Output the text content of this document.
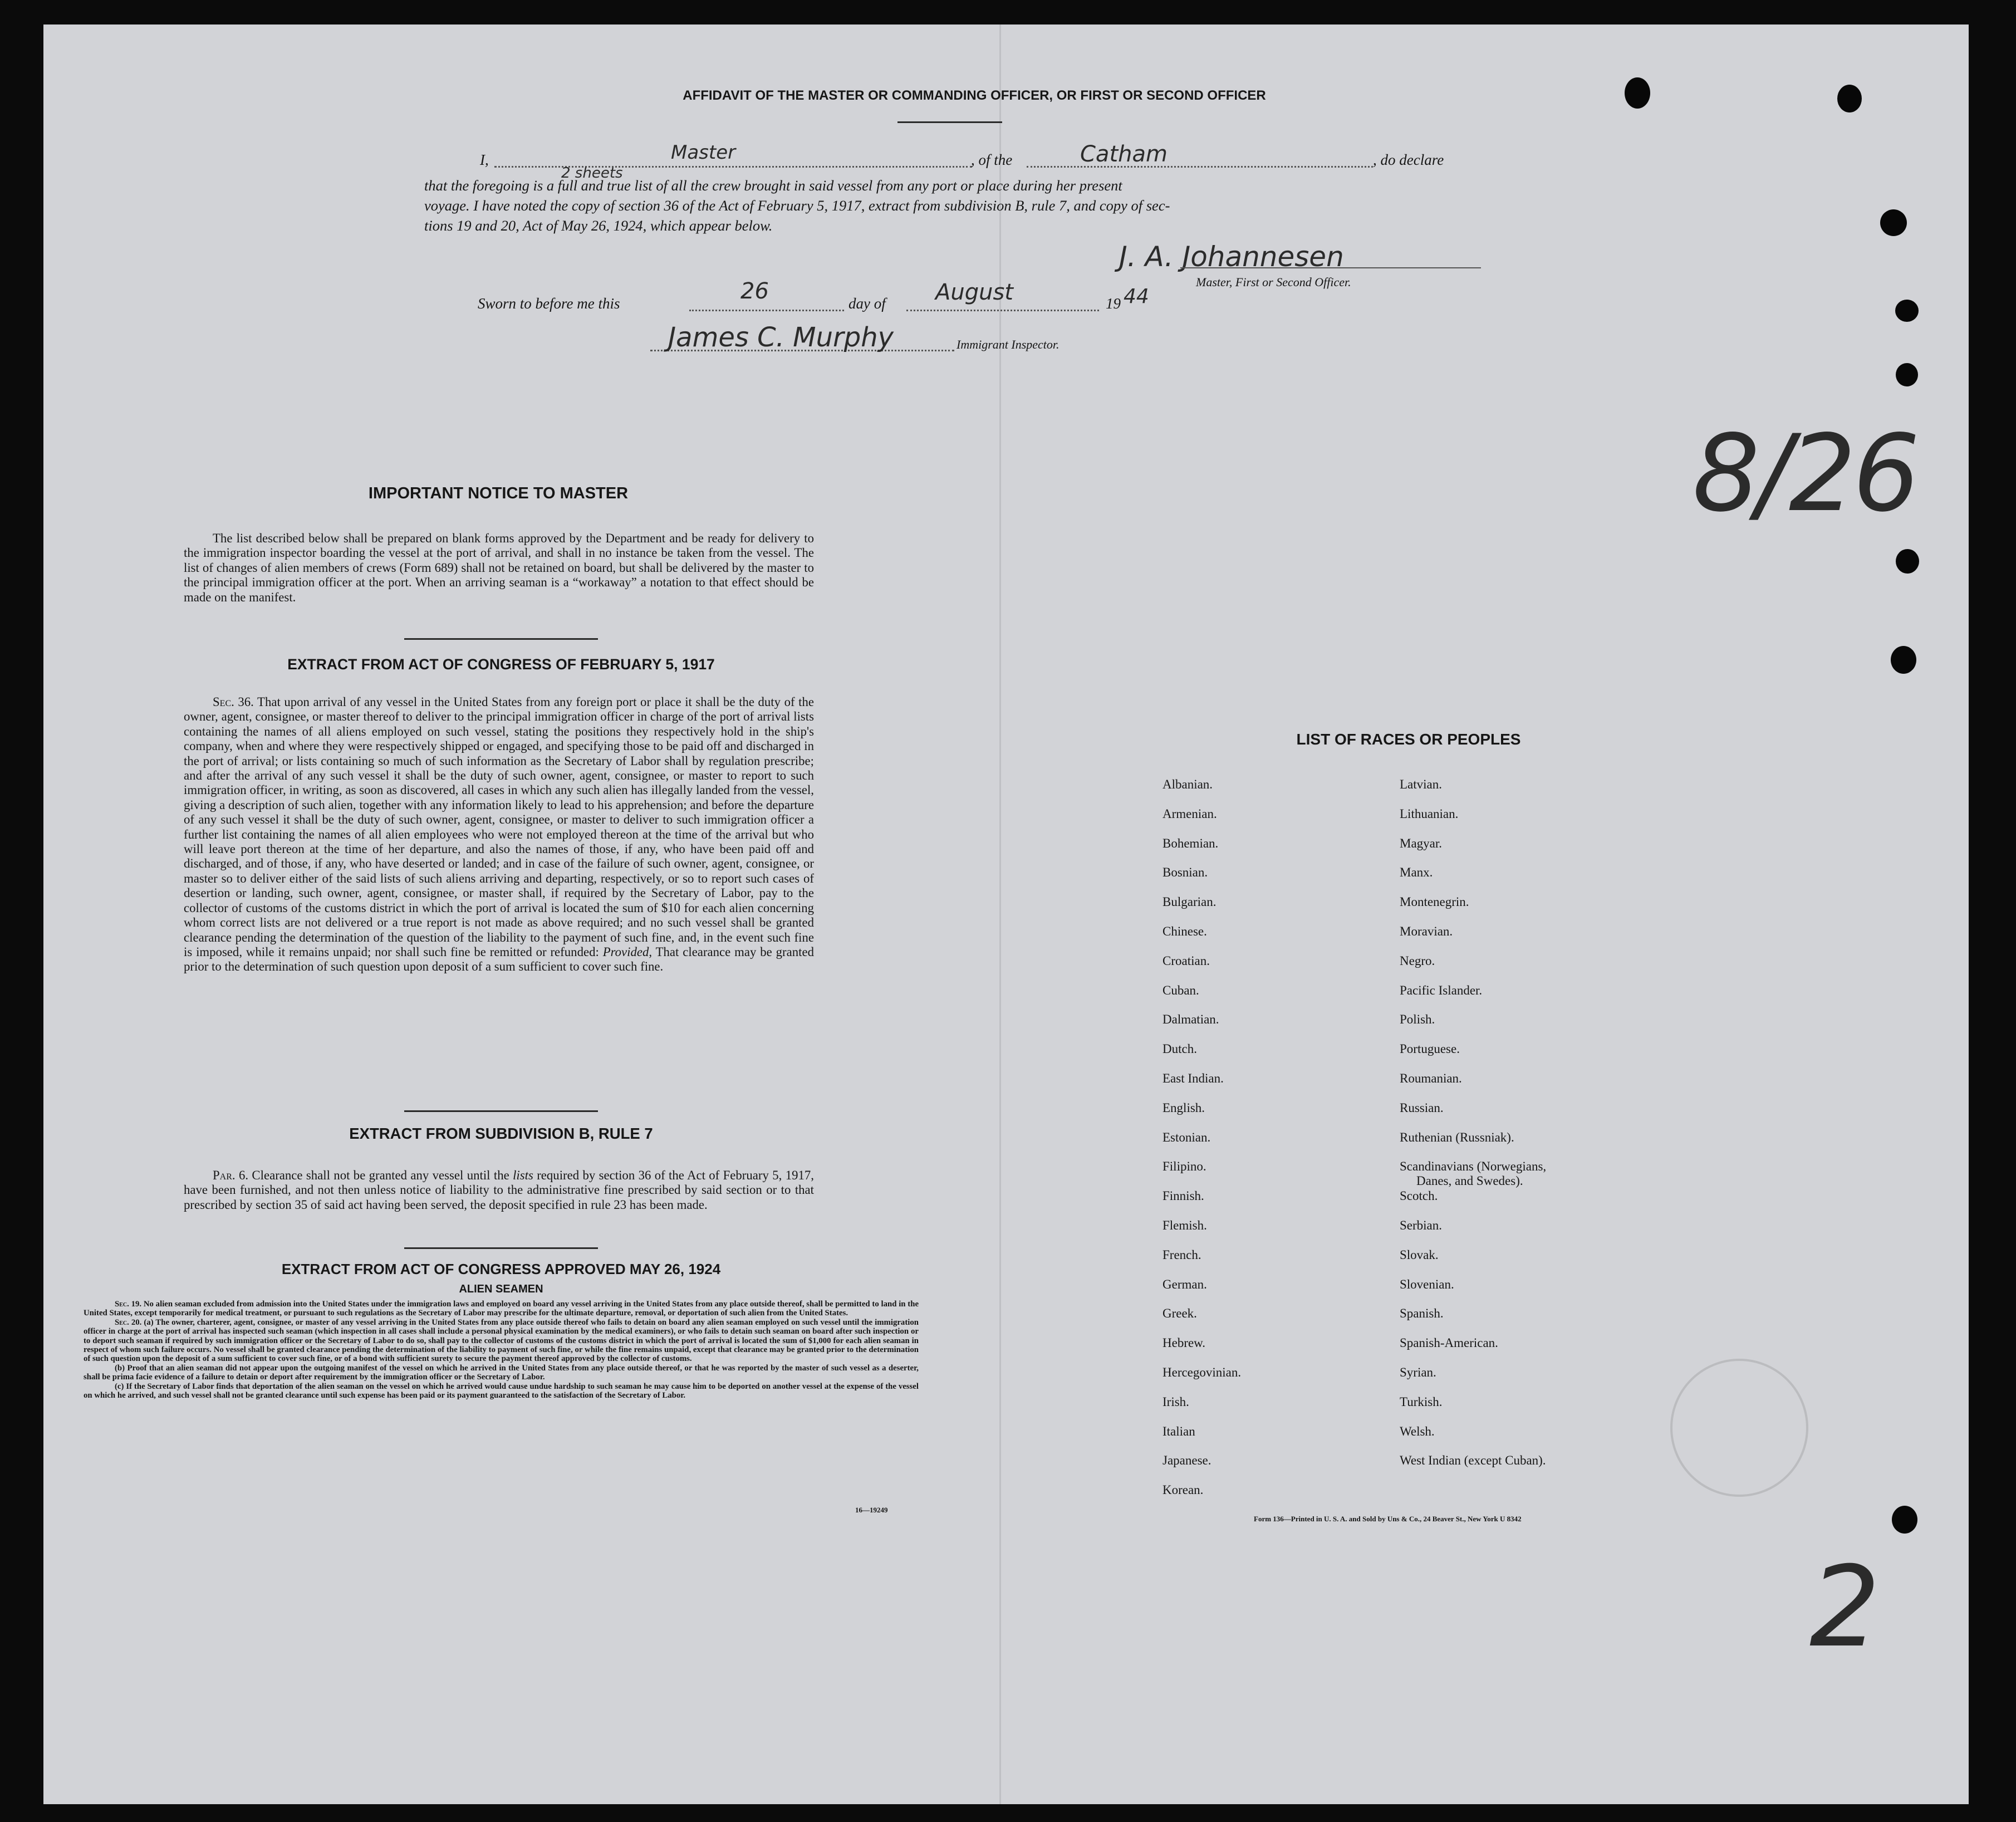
AFFIDAVIT OF THE MASTER OR COMMANDING OFFICER, OR FIRST OR SECOND OFFICER
I,	Master	, of the	Catham	, do declare
2 sheets
that the foregoing is a full and true list of all the crew brought in said vessel from any port or place during her present
voyage. I have noted the copy of section 36 of the Act of February 5, 1917, extract from subdivision B, rule 7, and copy of sec-
tions 19 and 20, Act of May 26, 1924, which appear below.
J. A. Johannesen
Master, First or Second Officer.
Sworn to before me this	26	day of August	19 44
James C. Murphy	Immigrant Inspector.
8/26
2
IMPORTANT NOTICE TO MASTER
The list described below shall be prepared on blank forms approved by the Department and be ready for delivery to the immigration inspector boarding the vessel at the port of arrival, and shall in no instance be taken from the vessel. The list of changes of alien members of crews (Form 689) shall not be retained on board, but shall be delivered by the master to the principal immigration officer at the port. When an arriving seaman is a “workaway” a notation to that effect should be made on the manifest.
EXTRACT FROM ACT OF CONGRESS OF FEBRUARY 5, 1917
Sec. 36. That upon arrival of any vessel in the United States from any foreign port or place it shall be the duty of the owner, agent, consignee, or master thereof to deliver to the principal immigration officer in charge of the port of arrival lists containing the names of all aliens employed on such vessel, stating the positions they respectively hold in the ship's company, when and where they were respectively shipped or engaged, and specifying those to be paid off and discharged in the port of arrival; or lists containing so much of such information as the Secretary of Labor shall by regulation prescribe; and after the arrival of any such vessel it shall be the duty of such owner, agent, consignee, or master to report to such immigration officer, in writing, as soon as discovered, all cases in which any such alien has illegally landed from the vessel, giving a description of such alien, together with any information likely to lead to his apprehension; and before the departure of any such vessel it shall be the duty of such owner, agent, consignee, or master to deliver to such immigration officer a further list containing the names of all alien employees who were not employed thereon at the time of the arrival but who will leave port thereon at the time of her departure, and also the names of those, if any, who have been paid off and discharged, and of those, if any, who have deserted or landed; and in case of the failure of such owner, agent, consignee, or master so to deliver either of the said lists of such aliens arriving and departing, respectively, or so to report such cases of desertion or landing, such owner, agent, consignee, or master shall, if required by the Secretary of Labor, pay to the collector of customs of the customs district in which the port of arrival is located the sum of $10 for each alien concerning whom correct lists are not delivered or a true report is not made as above required; and no such vessel shall be granted clearance pending the determination of the question of the liability to the payment of such fine, and, in the event such fine is imposed, while it remains unpaid; nor shall such fine be remitted or refunded: Provided, That clearance may be granted prior to the determination of such question upon deposit of a sum sufficient to cover such fine.
EXTRACT FROM SUBDIVISION B, RULE 7
Par. 6. Clearance shall not be granted any vessel until the lists required by section 36 of the Act of February 5, 1917, have been furnished, and not then unless notice of liability to the administrative fine prescribed by said section or to that prescribed by section 35 of said act having been served, the deposit specified in rule 23 has been made.
EXTRACT FROM ACT OF CONGRESS APPROVED MAY 26, 1924
ALIEN SEAMEN
Sec. 19. No alien seaman excluded from admission into the United States under the immigration laws and employed on board any vessel arriving in the United States from any place outside thereof, shall be permitted to land in the United States, except temporarily for medical treatment, or pursuant to such regulations as the Secretary of Labor may prescribe for the ultimate departure, removal, or deportation of such alien from the United States.
Sec. 20. (a) The owner, charterer, agent, consignee, or master of any vessel arriving in the United States from any place outside thereof who fails to detain on board any alien seaman employed on such vessel until the immigration officer in charge at the port of arrival has inspected such seaman (which inspection in all cases shall include a personal physical examination by the medical examiners), or who fails to detain such seaman on board after such inspection or to deport such seaman if required by such immigration officer or the Secretary of Labor to do so, shall pay to the collector of customs of the customs district in which the port of arrival is located the sum of $1,000 for each alien seaman in respect of whom such failure occurs. No vessel shall be granted clearance pending the determination of the liability to payment of such fine, or while the fine remains unpaid, except that clearance may be granted prior to the determination of such question upon the deposit of a sum sufficient to cover such fine, or of a bond with sufficient surety to secure the payment thereof approved by the collector of customs.
(b) Proof that an alien seaman did not appear upon the outgoing manifest of the vessel on which he arrived in the United States from any place outside thereof, or that he was reported by the master of such vessel as a deserter, shall be prima facie evidence of a failure to detain or deport after requirement by the immigration officer or the Secretary of Labor.
(c) If the Secretary of Labor finds that deportation of the alien seaman on the vessel on which he arrived would cause undue hardship to such seaman he may cause him to be deported on another vessel at the expense of the vessel on which he arrived, and such vessel shall not be granted clearance until such expense has been paid or its payment guaranteed to the satisfaction of the Secretary of Labor.
16—19249
LIST OF RACES OR PEOPLES
Albanian.
Armenian.
Bohemian.
Bosnian.
Bulgarian.
Chinese.
Croatian.
Cuban.
Dalmatian.
Dutch.
East Indian.
English.
Estonian.
Filipino.
Finnish.
Flemish.
French.
German.
Greek.
Hebrew.
Hercegovinian.
Irish.
Italian
Japanese.
Korean.
Latvian.
Lithuanian.
Magyar.
Manx.
Montenegrin.
Moravian.
Negro.
Pacific Islander.
Polish.
Portuguese.
Roumanian.
Russian.
Ruthenian (Russniak).
Scandinavians (Norwegians,
Danes, and Swedes).
Scotch.
Serbian.
Slovak.
Slovenian.
Spanish.
Spanish-American.
Syrian.
Turkish.
Welsh.
West Indian (except Cuban).
Form 136—Printed in U. S. A. and Sold by Uns & Co., 24 Beaver St., New York U 8342
